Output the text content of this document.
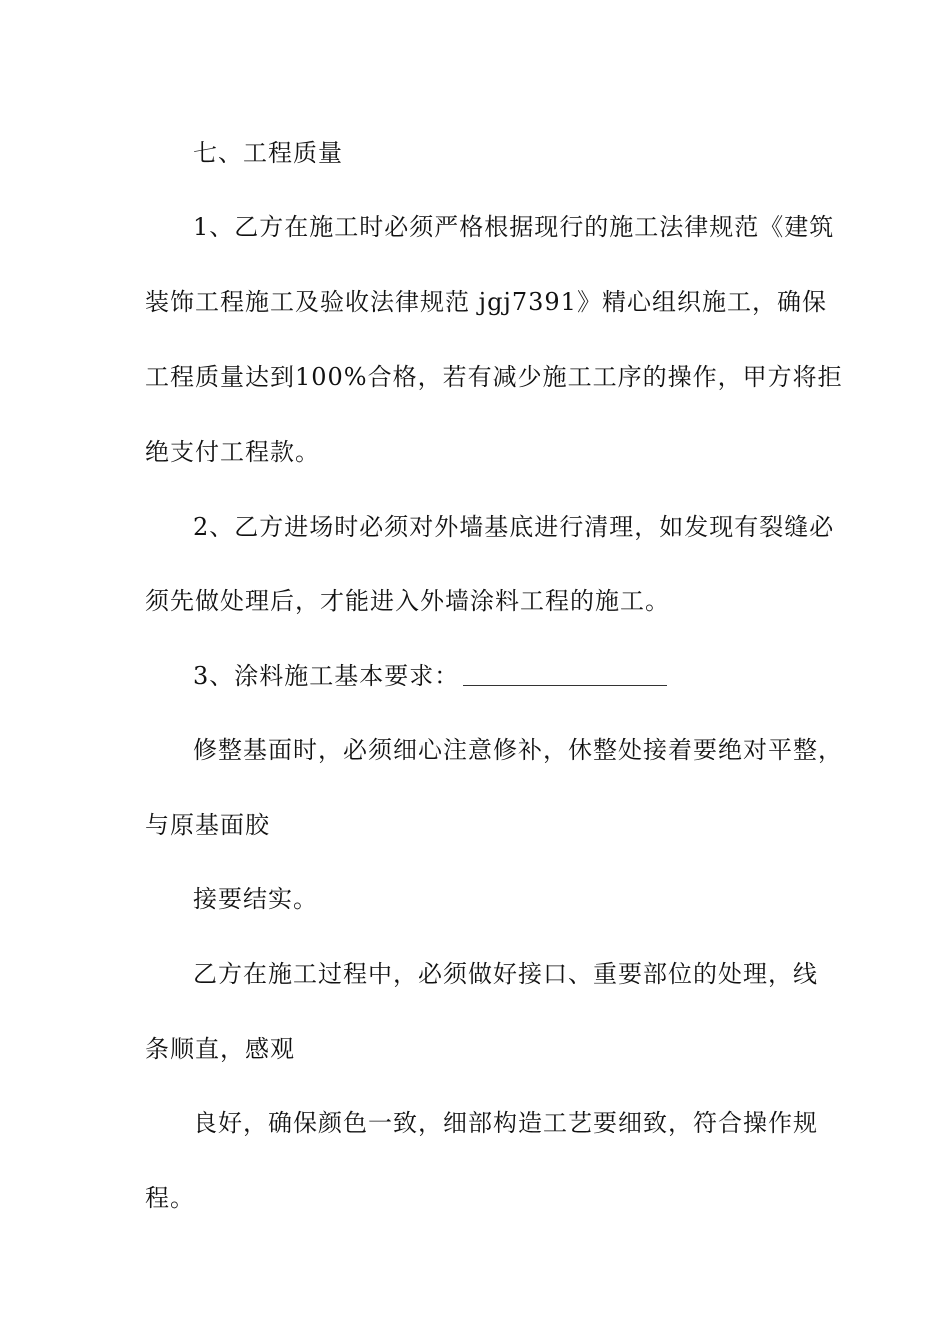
七、工程质量
1、乙方在施工时必须严格根据现行的施工法律规范《建筑
装饰工程施工及验收法律规范 jgj7391》精心组织施工，确保
工程质量达到100%合格，若有减少施工工序的操作，甲方将拒
绝支付工程款。
2、乙方进场时必须对外墙基底进行清理，如发现有裂缝必
须先做处理后，才能进入外墙涂料工程的施工。
3、涂料施工基本要求：
修整基面时，必须细心注意修补，休整处接着要绝对平整，
与原基面胶
接要结实。
乙方在施工过程中，必须做好接口、重要部位的处理，线
条顺直，感观
良好，确保颜色一致，细部构造工艺要细致，符合操作规
程。
